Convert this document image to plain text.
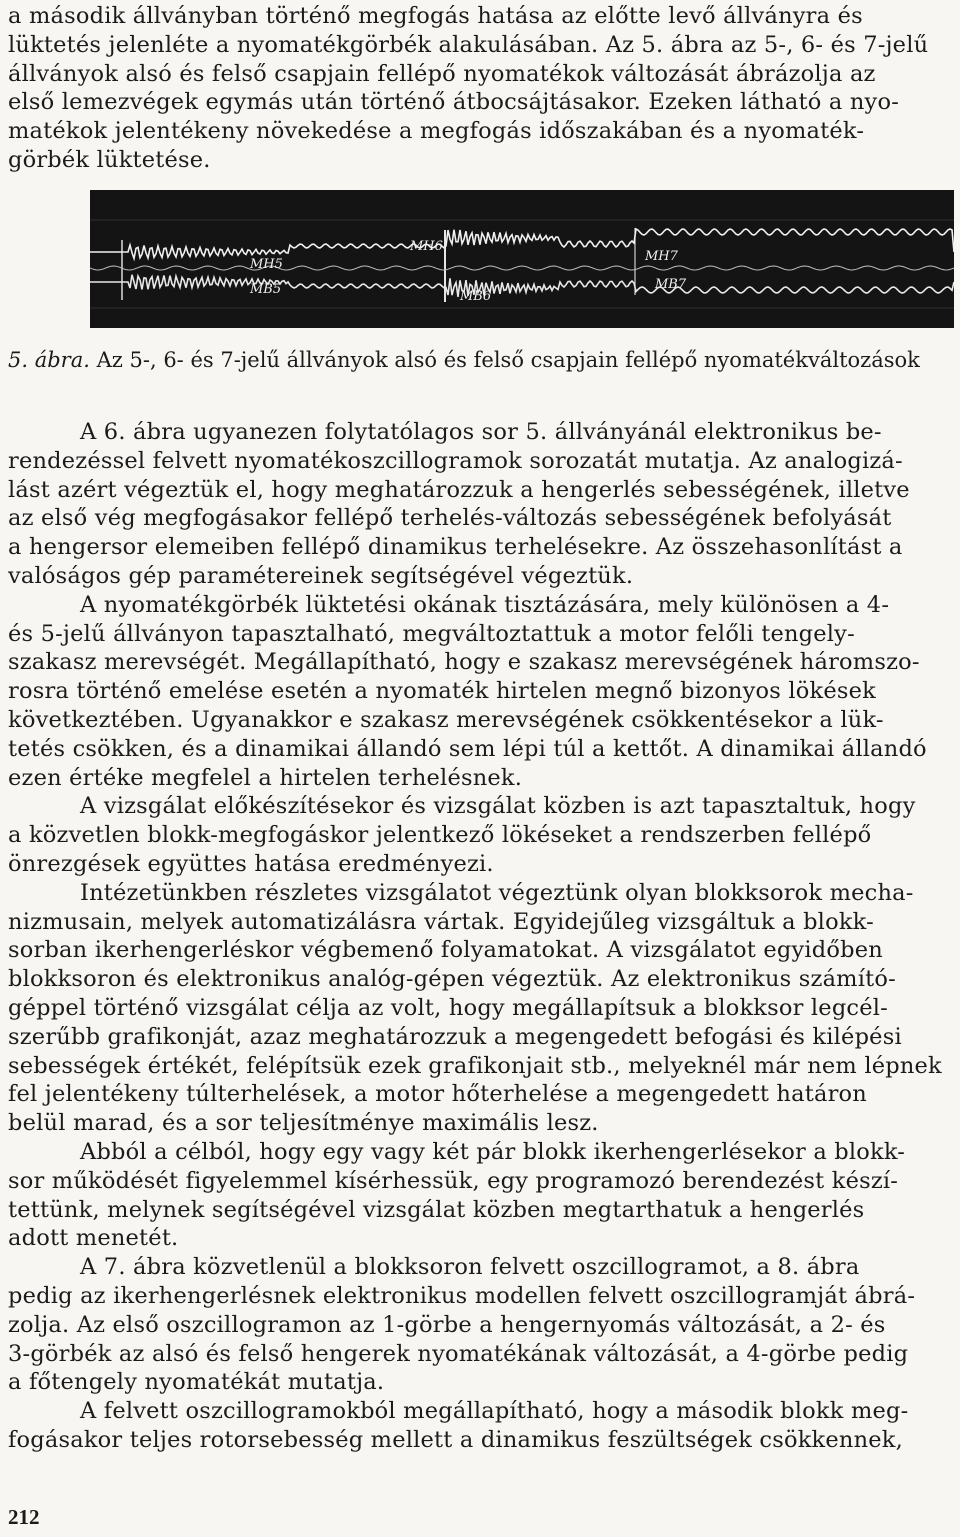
a második állványban történő megfogás hatása az előtte levő állványra és
lüktetés jelenléte a nyomatékgörbék alakulásában. Az 5. ábra az 5-, 6- és 7-jelű
állványok alsó és felső csapjain fellépő nyomatékok változását ábrázolja az
első lemezvégek egymás után történő átbocsájtásakor. Ezeken látható a nyo-
matékok jelentékeny növekedése a megfogás időszakában és a nyomaték-
görbék lüktetése.

MH5
MB5
MH6
MB6
MH7
MB7
5. ábra. Az 5-, 6- és 7-jelű állványok alsó és felső csapjain fellépő nyomatékváltozások

A 6. ábra ugyanezen folytatólagos sor 5. állványánál elektronikus be-
rendezéssel felvett nyomatékoszcillogramok sorozatát mutatja. Az analogizá-
lást azért végeztük el, hogy meghatározzuk a hengerlés sebességének, illetve
az első vég megfogásakor fellépő terhelés-változás sebességének befolyását
a hengersor elemeiben fellépő dinamikus terhelésekre. Az összehasonlítást a
valóságos gép paramétereinek segítségével végeztük.

A nyomatékgörbék lüktetési okának tisztázására, mely különösen a 4-
és 5-jelű állványon tapasztalható, megváltoztattuk a motor felőli tengely-
szakasz merevségét. Megállapítható, hogy e szakasz merevségének háromszo-
rosra történő emelése esetén a nyomaték hirtelen megnő bizonyos lökések
következtében. Ugyanakkor e szakasz merevségének csökkentésekor a lük-
tetés csökken, és a dinamikai állandó sem lépi túl a kettőt. A dinamikai állandó
ezen értéke megfelel a hirtelen terhelésnek.

A vizsgálat előkészítésekor és vizsgálat közben is azt tapasztaltuk, hogy
a közvetlen blokk-megfogáskor jelentkező lökéseket a rendszerben fellépő
önrezgések együttes hatása eredményezi.

Intézetünkben részletes vizsgálatot végeztünk olyan blokksorok mecha-
nizmusain, melyek automatizálásra vártak. Egyidejűleg vizsgáltuk a blokk-
sorban ikerhengerléskor végbemenő folyamatokat. A vizsgálatot egyidőben
blokksoron és elektronikus analóg-gépen végeztük. Az elektronikus számító-
géppel történő vizsgálat célja az volt, hogy megállapítsuk a blokksor legcél-
szerűbb grafikonját, azaz meghatározzuk a megengedett befogási és kilépési
sebességek értékét, felépítsük ezek grafikonjait stb., melyeknél már nem lépnek
fel jelentékeny túlterhelések, a motor hőterhelése a megengedett határon
belül marad, és a sor teljesítménye maximális lesz.

Abból a célból, hogy egy vagy két pár blokk ikerhengerlésekor a blokk-
sor működését figyelemmel kísérhessük, egy programozó berendezést készí-
tettünk, melynek segítségével vizsgálat közben megtarthatuk a hengerlés
adott menetét.

A 7. ábra közvetlenül a blokksoron felvett oszcillogramot, a 8. ábra
pedig az ikerhengerlésnek elektronikus modellen felvett oszcillogramját ábrá-
zolja. Az első oszcillogramon az 1-görbe a hengernyomás változását, a 2- és
3-görbék az alsó és felső hengerek nyomatékának változását, a 4-görbe pedig
a főtengely nyomatékát mutatja.

A felvett oszcillogramokból megállapítható, hogy a második blokk meg-
fogásakor teljes rotorsebesség mellett a dinamikus feszültségek csökkennek,

212
